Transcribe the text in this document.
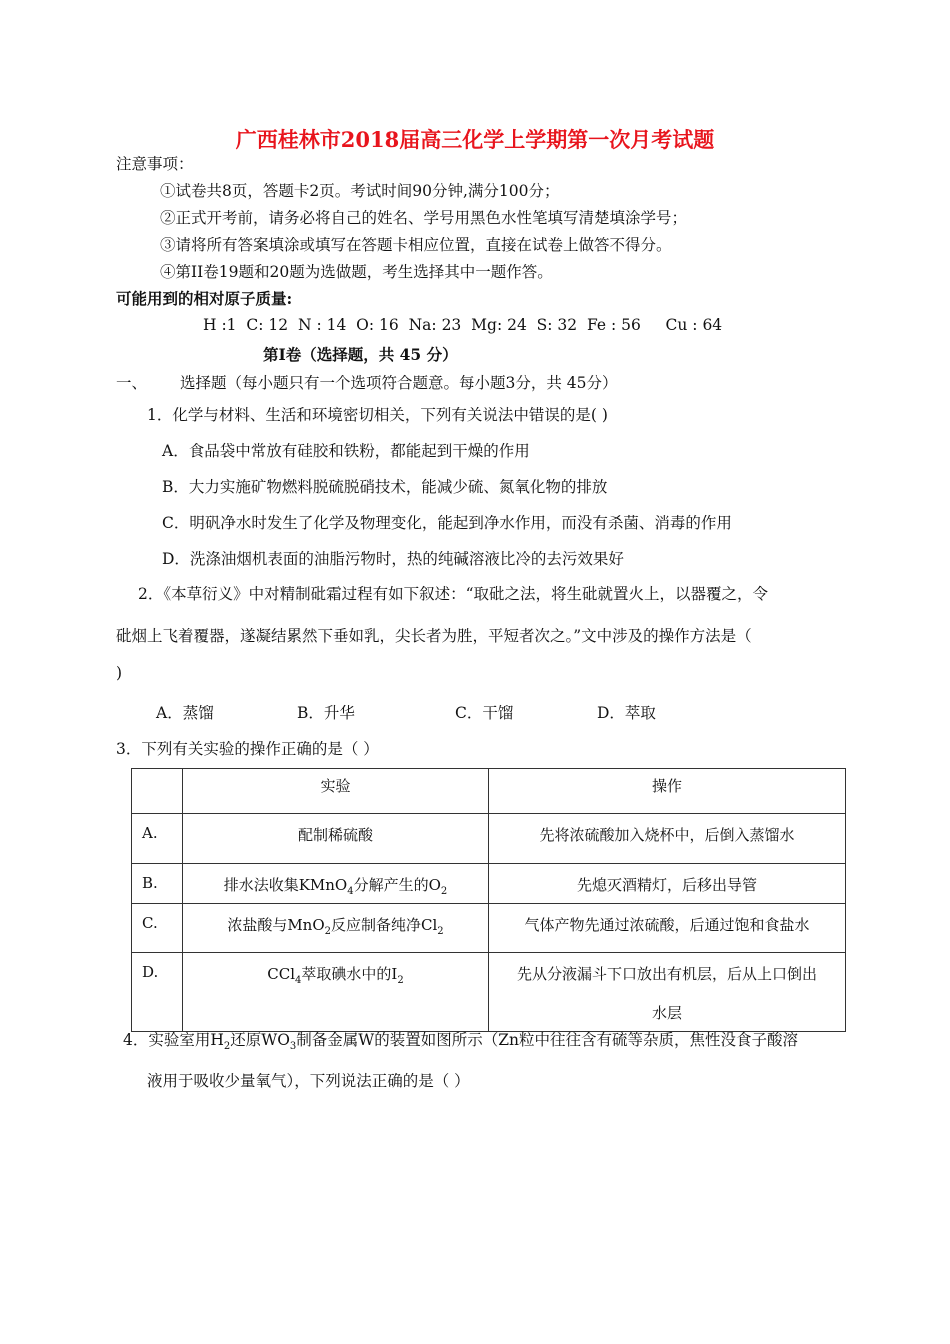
广西桂林市2018届高三化学上学期第一次月考试题
注意事项：
①试卷共8页，答题卡2页。考试时间90分钟,满分100分；
②正式开考前，请务必将自己的姓名、学号用黑色水性笔填写清楚填涂学号；
③请将所有答案填涂或填写在答题卡相应位置，直接在试卷上做答不得分。
④第II卷19题和20题为选做题，考生选择其中一题作答。
可能用到的相对原子质量:
H :1  C: 12  N : 14  O: 16  Na: 23  Mg: 24  S: 32  Fe : 56     Cu : 64
第Ⅰ卷（选择题，共 45 分）
一、 选择题（每小题只有一个选项符合题意。每小题3分，共 45分）
1．化学与材料、生活和环境密切相关，下列有关说法中错误的是( )
A．食品袋中常放有硅胶和铁粉，都能起到干燥的作用
B．大力实施矿物燃料脱硫脱硝技术，能减少硫、氮氧化物的排放
C．明矾净水时发生了化学及物理变化，能起到净水作用，而没有杀菌、消毒的作用
D．洗涤油烟机表面的油脂污物时，热的纯碱溶液比冷的去污效果好
2．《本草衍义》中对精制砒霜过程有如下叙述：“取砒之法，将生砒就置火上，以器覆之，令
砒烟上飞着覆器，遂凝结累然下垂如乳，尖长者为胜，平短者次之。”文中涉及的操作方法是（
)
A．蒸馏	B．升华	C．干馏	D．萃取
3．下列有关实验的操作正确的是（ ）
	实验	操作
A.	配制稀硫酸	先将浓硫酸加入烧杯中，后倒入蒸馏水
B.	排水法收集KMnO$_4$分解产生的$O_2$	先熄灭酒精灯，后移出导管
C.	浓盐酸与MnO$_2$反应制备纯净$Cl_2$	气体产物先通过浓硫酸，后通过饱和食盐水
D.	CCl$_4$萃取碘水中的$I_2$	先从分液漏斗下口放出有机层，后从上口倒出
水层
4．实验室用$H_2$还原$WO_3$制备金属W的装置如图所示（Zn粒中往往含有硫等杂质，焦性没食子酸溶
液用于吸收少量氧气），下列说法正确的是（ ）
